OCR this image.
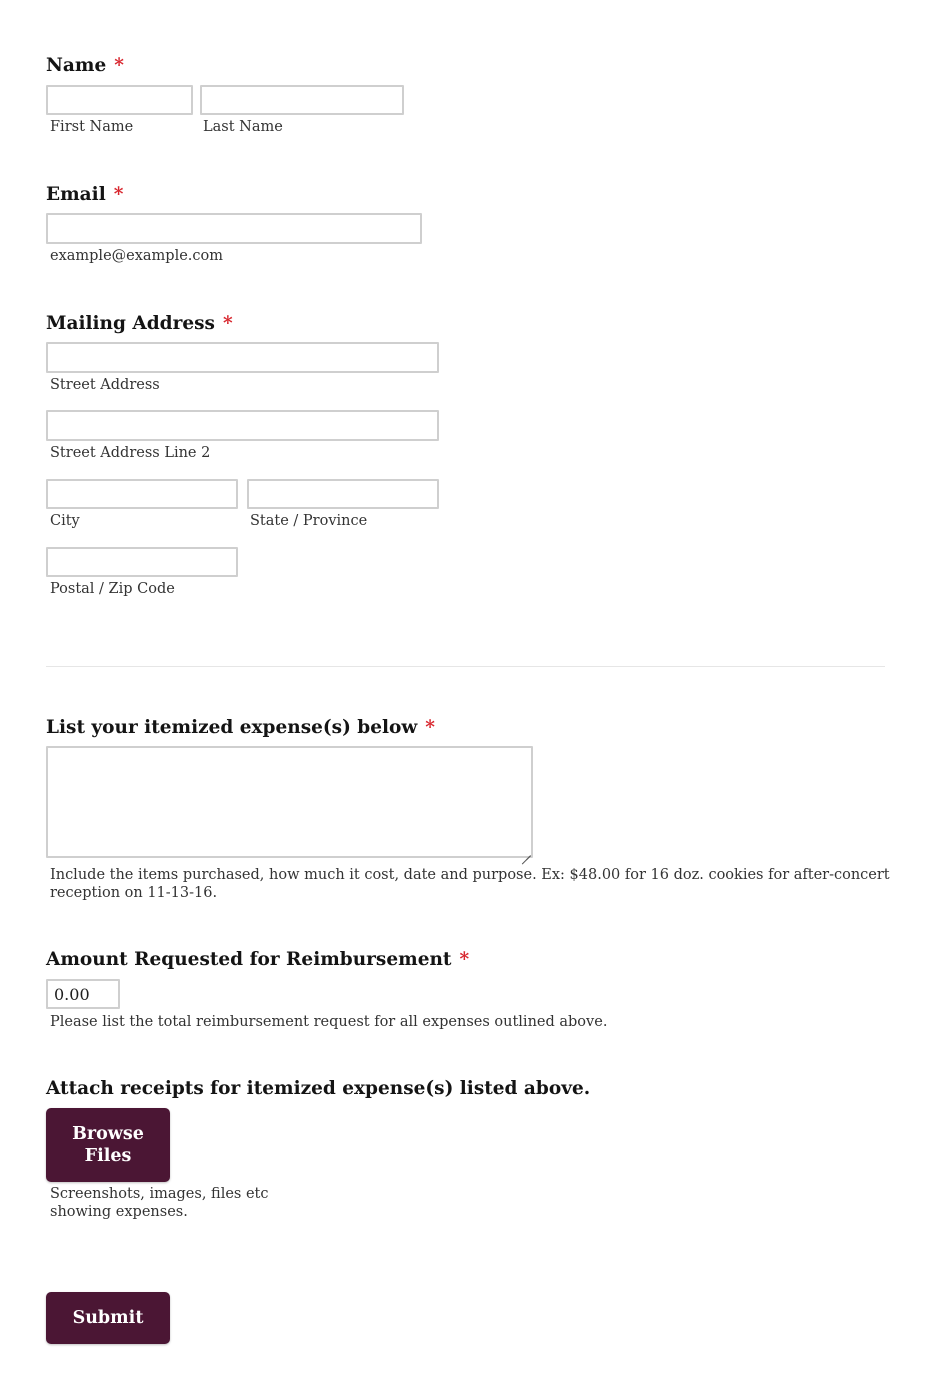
Name *
First Name	Last Name
Email *
example@example.com
Mailing Address *
Street Address
Street Address Line 2
City	State / Province
Postal / Zip Code
List your itemized expense(s) below *
Include the items purchased, how much it cost, date and purpose. Ex: $48.00 for 16 doz. cookies for after-concert reception on 11-13-16.
Amount Requested for Reimbursement *
0.00
Please list the total reimbursement request for all expenses outlined above.
Attach receipts for itemized expense(s) listed above.
Browse
Files
Screenshots, images, files etc showing expenses.
Submit
